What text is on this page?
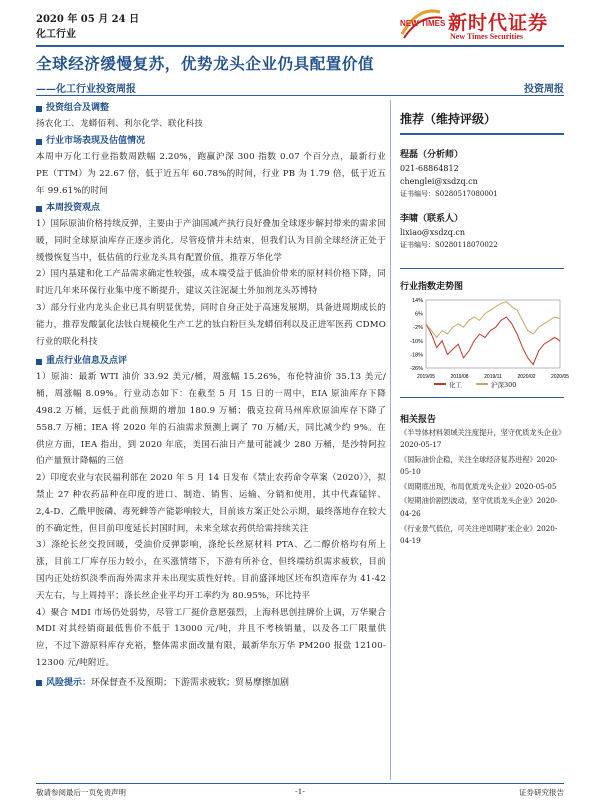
2020 年 05 月 24 日
化工行业
NEW TIMES 新时代证券
New Times Securities
全球经济缓慢复苏，优势龙头企业仍具配置价值
——化工行业投资周报	投资周报
投资组合及调整
扬农化工、龙蟒佰利、利尔化学、联化科技
行业市场表现及估值情况
本周申万化工行业指数周跌幅 2.20%，跑赢沪深 300 指数 0.07 个百分点，最新行业 PE（TTM）为 22.67 倍，低于近五年 60.78%的时间，行业 PB 为 1.79 倍，低于近五年 99.61%的时间
本周投资观点
1）国际原油价格持续反弹，主要由于产油国减产执行良好叠加全球逐步解封带来的需求回暖，同时全球原油库存正逐步消化，尽管疫情并未结束，但我们认为目前全球经济正处于缓慢恢复当中，低估值的行业龙头具有配置价值，推荐万华化学
2）国内基建和化工产品需求确定性较强，成本端受益于低油价带来的原材料价格下降，同时近几年来环保行业集中度不断提升，建议关注泥凝土外加剂龙头苏博特
3）部分行业内龙头企业已具有明显优势，同时自身正处于高速发展期，具备进周期成长的能力，推荐发酸氯化法钛白规模化生产工艺的钛白粉巨头龙蟒佰利以及正进军医药 CDMO 行业的联化科技
重点行业信息及点评
1）原油：最新 WTI 油价 33.92 美元/桶，周涨幅 15.26%，布伦特油价 35.13 美元/桶，周涨幅 8.09%。行业动态如下：在截至 5 月 15 日的一周中，EIA 原油库存下降 498.2 万桶，远低于此前预期的增加 180.9 万桶；俄克拉荷马州库欣原油库存下降了 558.7 万桶；IEA 将 2020 年的石油需求预测上调了 70 万桶/天，同比减少约 9%。在供应方面，IEA 指出，到 2020 年底，美国石油日产量可能减少 280 万桶，是沙特阿拉伯产量预计降幅的三倍
2）印度农业与农民福利部在 2020 年 5 月 14 日发布《禁止农药命令草案（2020）》，拟禁止 27 种农药品种在印度的进口、制造、销售、运输、分销和使用，其中代森锰锌、2,4-D、乙酰甲胺磷、毒死蜱等产能影响较大，目前该方案正处公示期，最终落地存在较大的不确定性，但目前印度延长封国时间，未来全球农药供给需持续关注
3）涤纶长丝交投回暖，受油价反弹影响，涤纶长丝原材料 PTA、乙二醇价格均有所上涨，目前工厂库存压力较小，在买涨情绪下，下游有所补仓，但终端纺织需求疲软，目前国内正处纺织淡季而海外需求并未出现实质性好转。目前盛泽地区坯布织造库存为 41-42 天左右，与上周持平；涤长丝企业平均开工率约为 80.95%，环比持平
4）聚合 MDI 市场仍处弱势，尽管工厂挺价意愿强烈，上海科思创挂牌价上调，万华聚合 MDI 对其经销商最低售价不低于 13000 元/吨，并且不考核销量，以及各工厂限量供应，不过下游原料库存充裕，整体需求面改量有限，最新华东万华 PM200 报盘 12100-12300 元/吨附近。
风险提示： 环保督查不及预期；下游需求疲软；贸易摩擦加剧
推荐（维持评级）
程磊（分析师）
021-68864812
chenglei@xsdzq.cn
证书编号：S0280517080001
李啸（联系人）
lixiao@xsdzq.cn
证书编号：S0280118070022
行业指数走势图
14%
6%
-2%
-10%
-18%
-26%
2019/05	2019/08	2019/11	2020/02	2020/05
化工	沪深300
相关报告
《半导体材料领域关注度提升，坚守优质龙头企业》2020-05-17
《国际油价企稳，关注全球经济复苏进程》2020-05-10
《周期底出现，布局优质龙头企业》2020-05-05
《短期油价剧烈波动，坚守优质龙头企业》2020-04-26
《行业景气低位，可关注逆周期扩张企业》2020-04-19
敬请参阅最后一页免责声明	-1-	证券研究报告
